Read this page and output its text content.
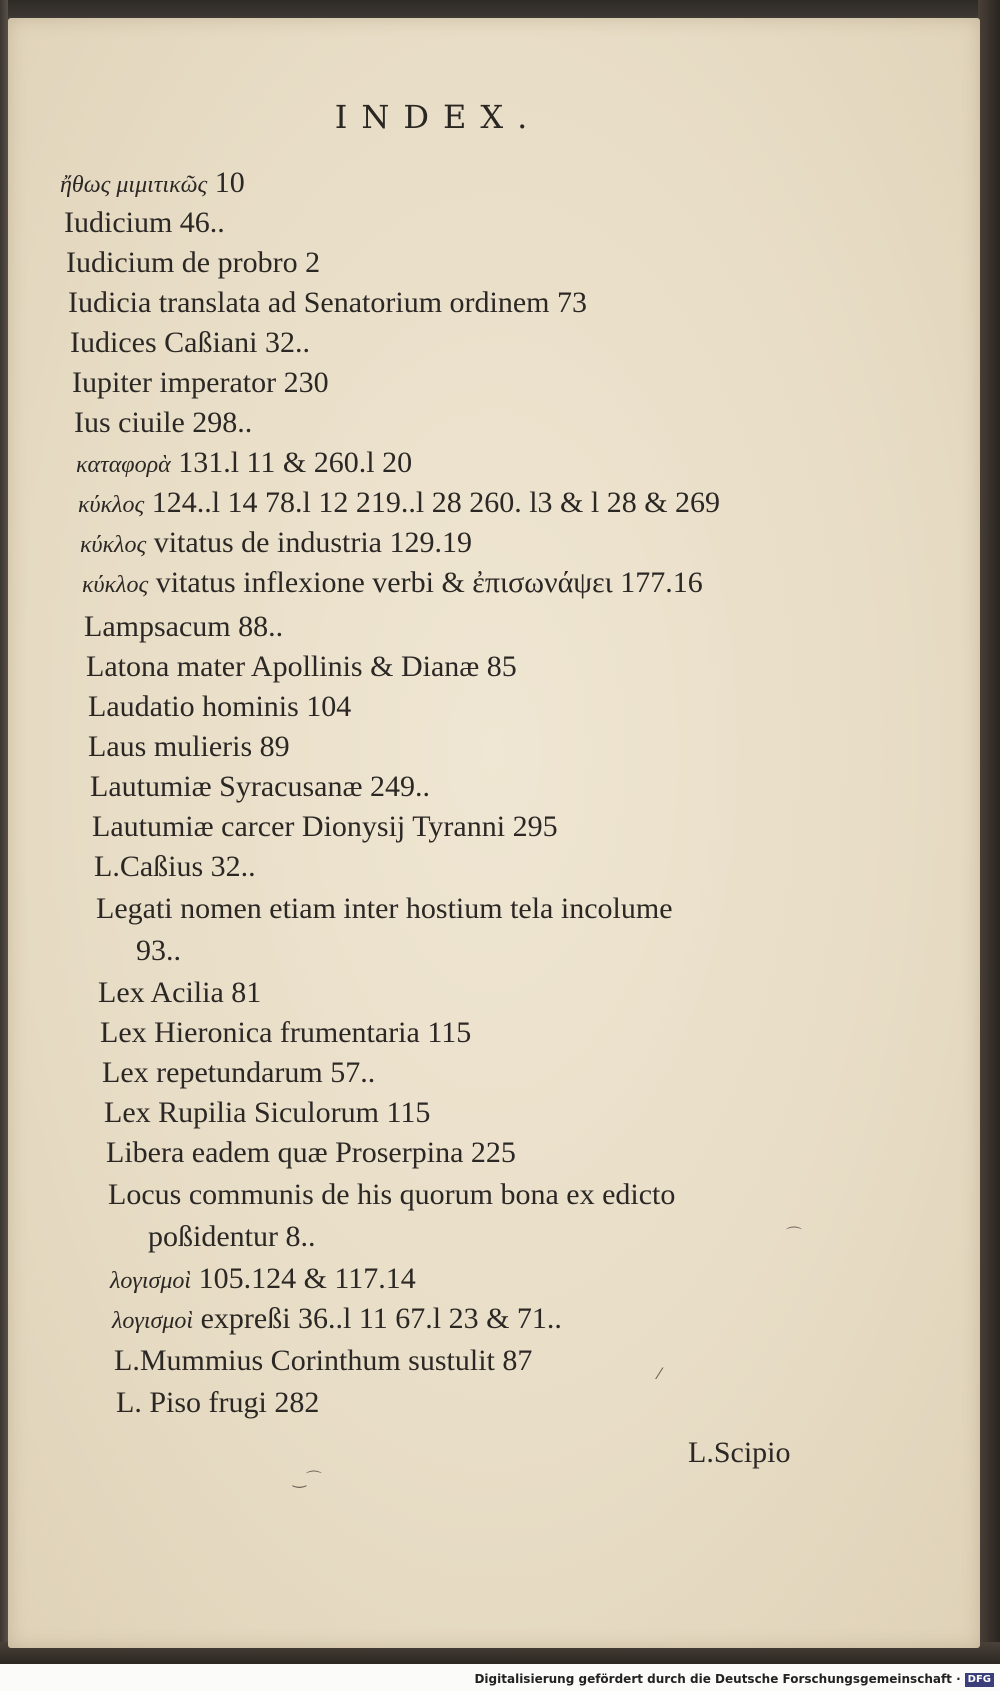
INDEX.
ἤθως μιμιτικῶς 10
Iudicium 46..
Iudicium de probro 2
Iudicia translata ad Senatorium ordinem 73
Iudices Caßiani 32..
Iupiter imperator 230
Ius ciuile 298..
καταφορὰ 131.l 11 & 260.l 20
κύκλος 124..l 14 78.l 12 219..l 28 260. l3 & l 28 & 269
κύκλος vitatus de industria 129.19
κύκλος vitatus inflexione verbi & ἐπισωνάψει 177.16
Lampsacum 88..
Latona mater Apollinis & Dianæ 85
Laudatio hominis 104
Laus mulieris 89
Lautumiæ Syracusanæ 249..
Lautumiæ carcer Dionysij Tyranni 295
L.Caßius 32..
Legati nomen etiam inter hostium tela incolume
93..
Lex Acilia 81
Lex Hieronica frumentaria 115
Lex repetundarum 57..
Lex Rupilia Siculorum 115
Libera eadem quæ Proserpina 225
Locus communis de his quorum bona ex edicto
poßidentur 8..
λογισμοὶ 105.124 & 117.14
λογισμοὶ expreßi 36..l 11 67.l 23 & 71..
L.Mummius Corinthum sustulit 87
L. Piso frugi 282
L.Scipio
‿⌒
⌒
⁄
Digitalisierung gefördert durch die Deutsche Forschungsgemeinschaft · DFG
